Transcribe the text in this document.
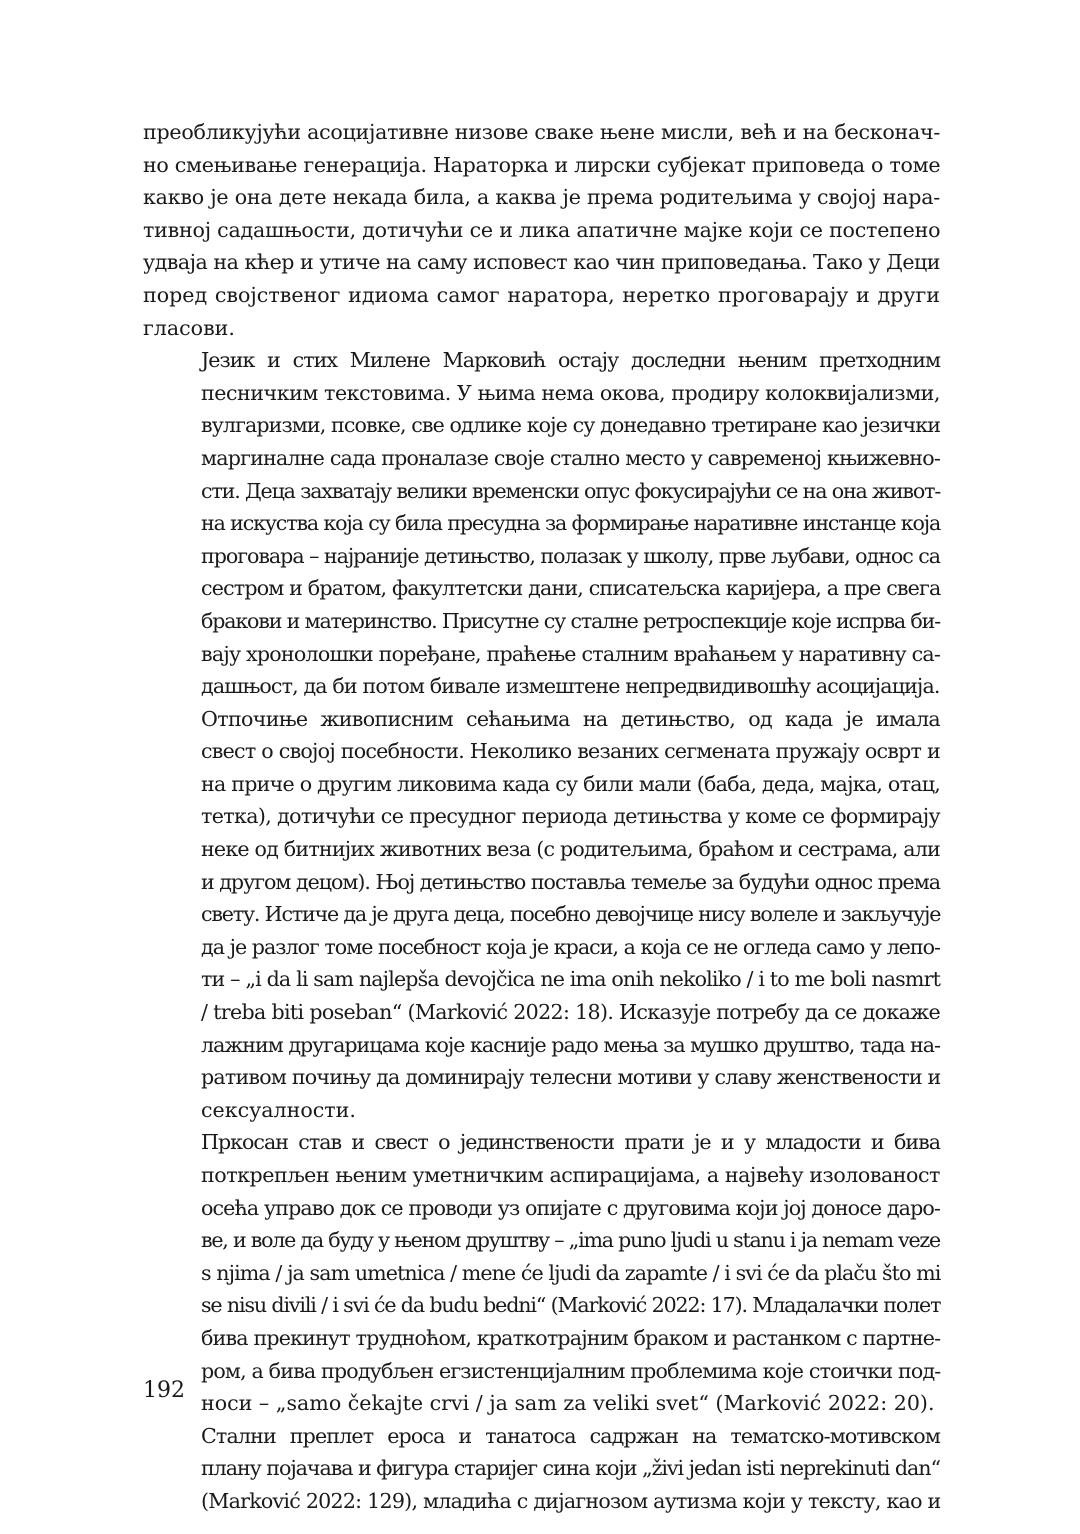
преобликујући асоцијативне низове сваке њене мисли, већ и на бесконач-
но смењивање генерација. Нараторка и лирски субјекат приповеда о томе
какво је она дете некада била, а каква је према родитељима у својој нара-
тивној садашњости, дотичући се и лика апатичне мајке који се постепено
удваја на кћер и утиче на саму исповест као чин приповедања. Тако у Деци
поред својственог идиома самог наратора, неретко проговарају и други
гласови.

Језик и стих Милене Марковић остају доследни њеним претходним
песничким текстовима. У њима нема окова, продиру колоквијализми,
вулгаризми, псовке, све одлике које су донедавно третиране као језички
маргиналне сада проналазе своје стално место у савременој књижевно-
сти. Деца захватају велики временски опус фокусирајући се на она живот-
на искуства која су била пресудна за формирање наративне инстанце која
проговара – најраније детињство, полазак у школу, прве љубави, однос са
сестром и братом, факултетски дани, списатељска каријера, а пре свега
бракови и материнство. Присутне су сталне ретроспекције које испрва би-
вају хронолошки поређане, праћење сталним враћањем у наративну са-
дашњост, да би потом бивале измештене непредвидивошћу асоцијација.

Отпочиње живописним сећањима на детињство, од када је имала
свест о својој посебности. Неколико везаних сегмената пружају осврт и
на приче о другим ликовима када су били мали (баба, деда, мајка, отац,
тетка), дотичући се пресудног периода детињства у коме се формирају
неке од битнијих животних веза (с родитељима, браћом и сестрама, али
и другом децом). Њој детињство поставља темеље за будући однос према
свету. Истиче да је друга деца, посебно девојчице нису волеле и закључује
да је разлог томе посебност која је краси, а која се не огледа само у лепо-
ти – „i da li sam najlepša devojčica ne ima onih nekoliko / i to me boli nasmrt
/ treba biti poseban“ (Marković 2022: 18). Исказује потребу да се докаже
лажним другарицама које касније радо мења за мушко друштво, тада на-
ративом почињу да доминирају телесни мотиви у славу женствености и
сексуалности.

Пркосан став и свест о јединствености прати је и у младости и бива
поткрепљен њеним уметничким аспирацијама, а највећу изолованост
осећа управо док се проводи уз опијате с друговима који јој доносе даро-
ве, и воле да буду у њеном друштву – „ima puno ljudi u stanu i ja nemam veze
s njima / ja sam umetnica / mene će ljudi da zapamte / i svi će da plaču što mi
se nisu divili / i svi će da budu bedni“ (Marković 2022: 17). Младалачки полет
бива прекинут трудноћом, краткотрајним браком и растанком с партне-
ром, а бива продубљен егзистенцијалним проблемима које стоички под-
носи – „samo čekajte crvi / ja sam za veliki svet“ (Marković 2022: 20).

Стални преплет ероса и танатоса садржан на тематско-мотивском
плану појачава и фигура старијег сина који „živi jedan isti neprekinuti dan“
(Marković 2022: 129), младића с дијагнозом аутизма који у тексту, као и

192
